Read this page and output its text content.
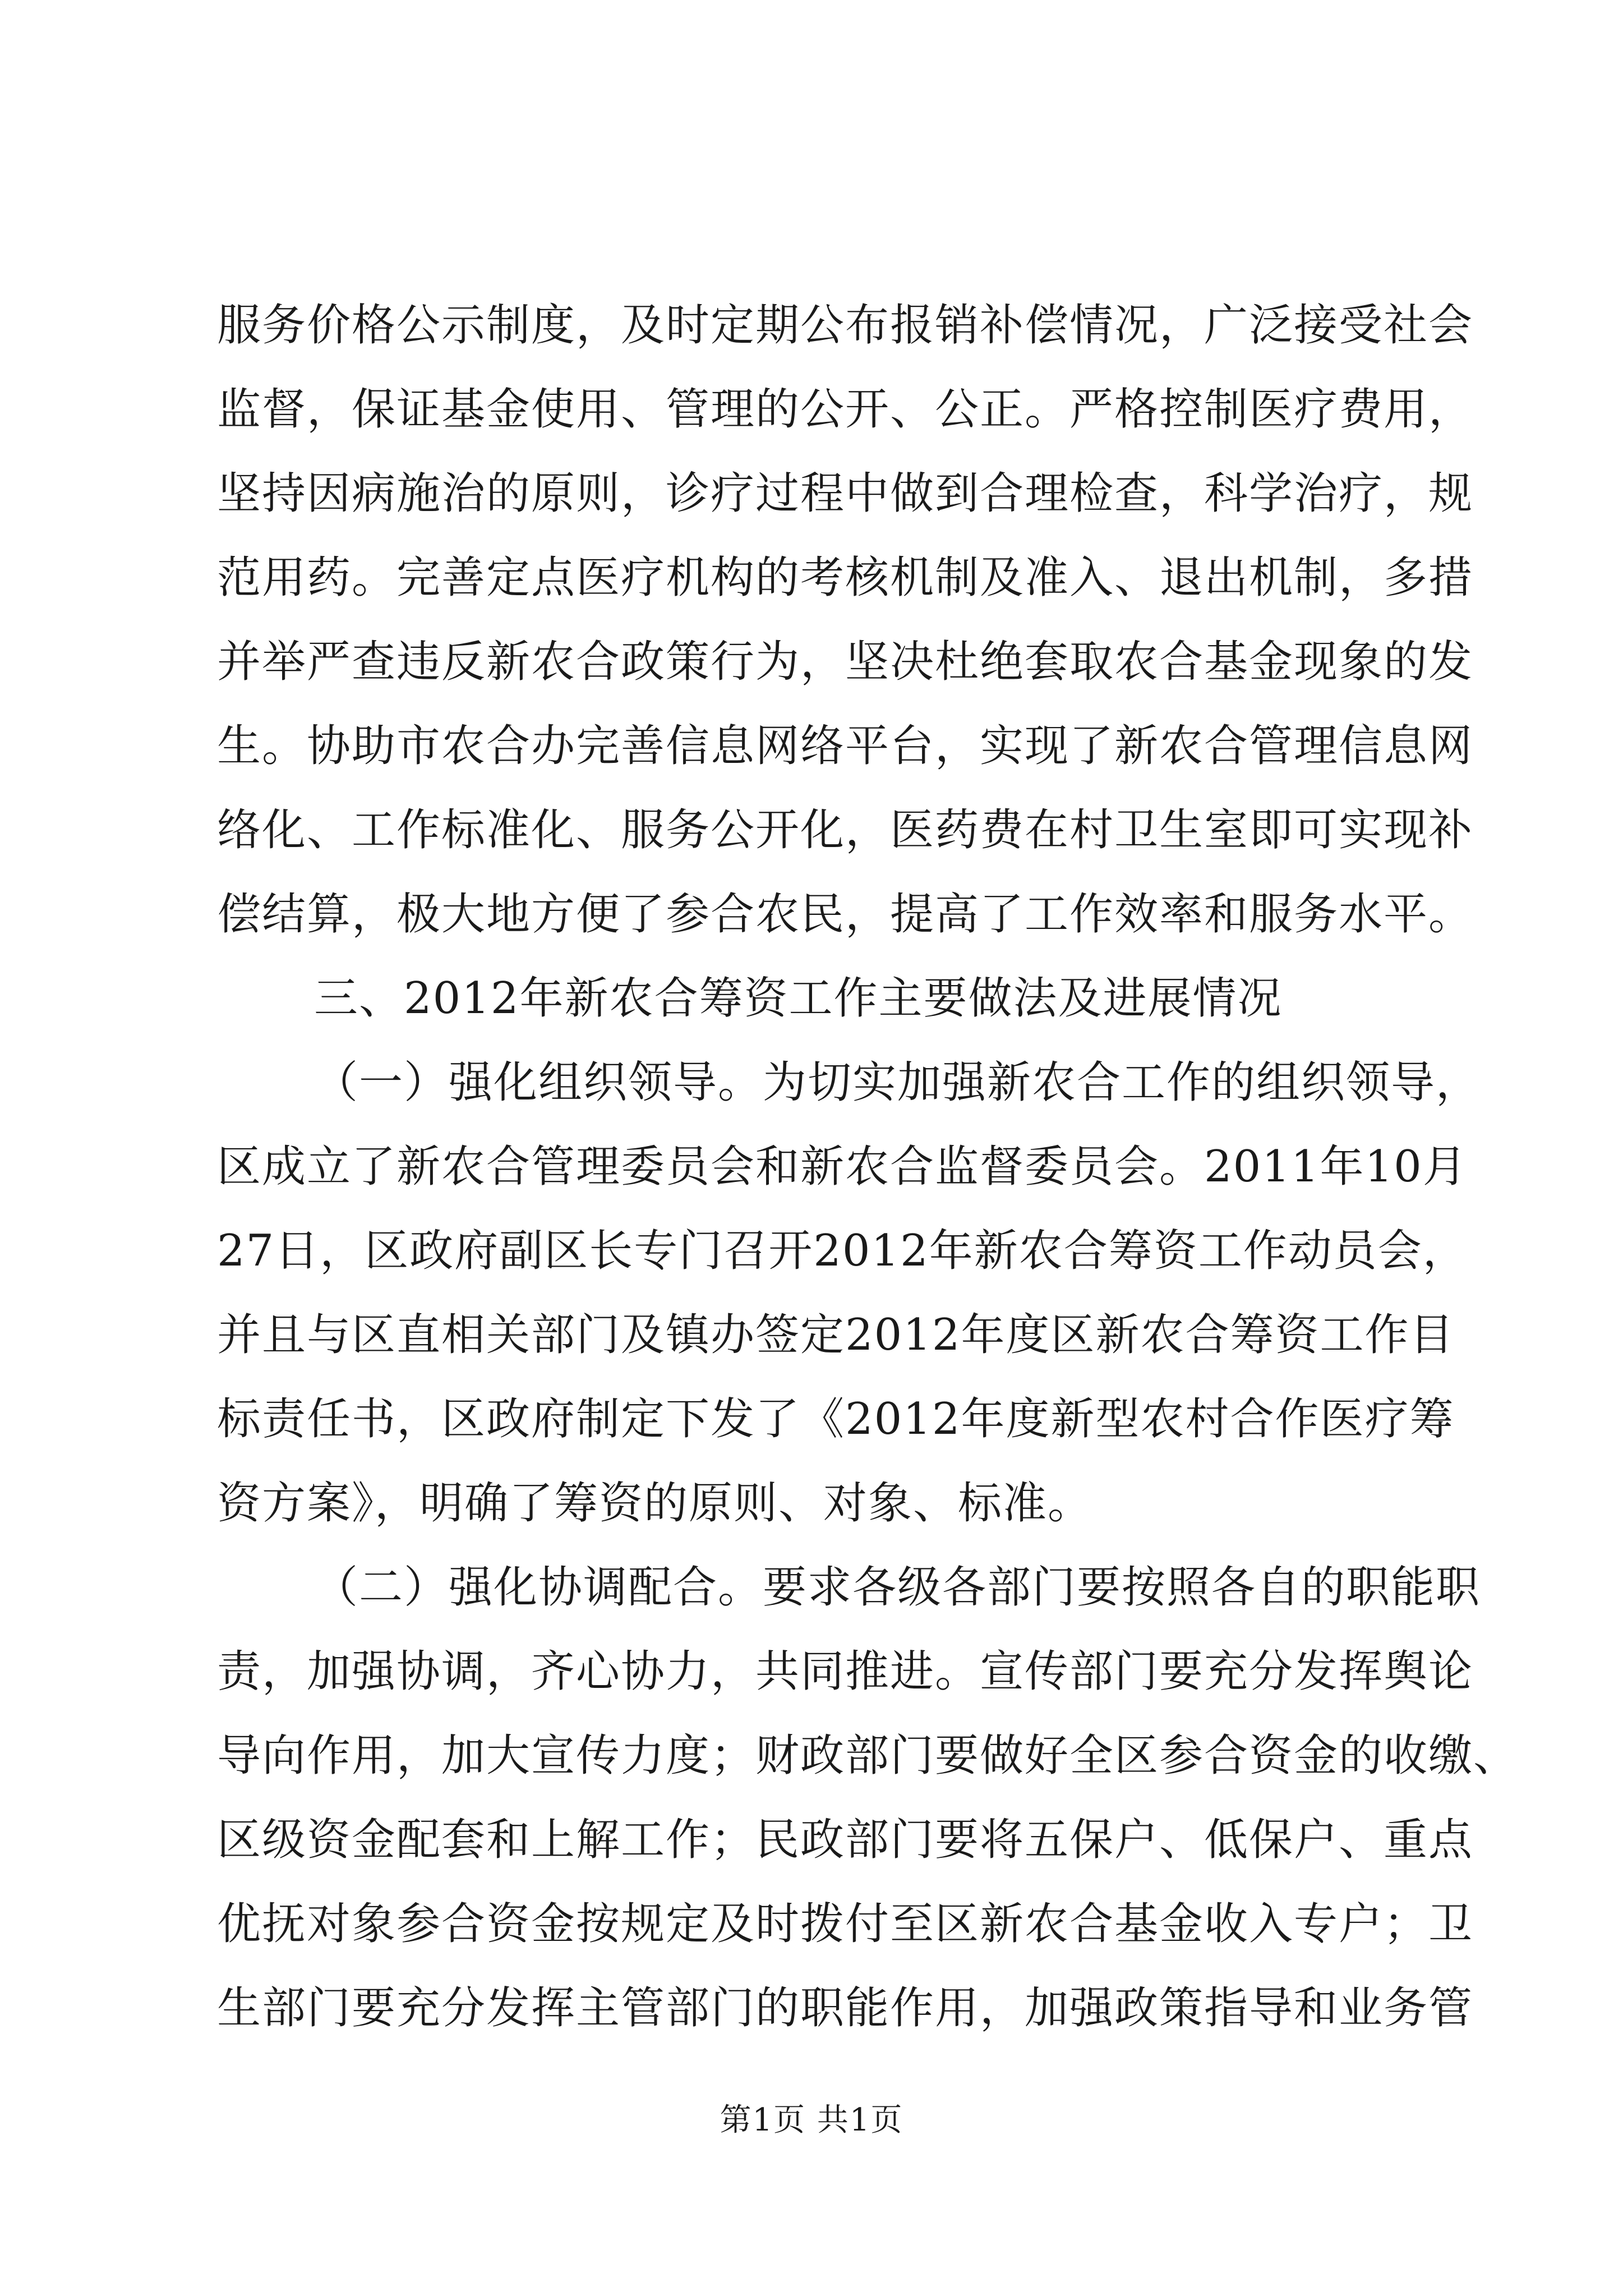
服务价格公示制度，及时定期公布报销补偿情况，广泛接受社会
监督，保证基金使用、管理的公开、公正。严格控制医疗费用，
坚持因病施治的原则，诊疗过程中做到合理检查，科学治疗，规
范用药。完善定点医疗机构的考核机制及准入、退出机制，多措
并举严查违反新农合政策行为，坚决杜绝套取农合基金现象的发
生。协助市农合办完善信息网络平台，实现了新农合管理信息网
络化、工作标准化、服务公开化，医药费在村卫生室即可实现补
偿结算，极大地方便了参合农民，提高了工作效率和服务水平。
三、2012年新农合筹资工作主要做法及进展情况
（一）强化组织领导。为切实加强新农合工作的组织领导，
区成立了新农合管理委员会和新农合监督委员会。2011年10月
27日，区政府副区长专门召开2012年新农合筹资工作动员会，
并且与区直相关部门及镇办签定2012年度区新农合筹资工作目
标责任书，区政府制定下发了《2012年度新型农村合作医疗筹
资方案》，明确了筹资的原则、对象、标准。
（二）强化协调配合。要求各级各部门要按照各自的职能职
责，加强协调，齐心协力，共同推进。宣传部门要充分发挥舆论
导向作用，加大宣传力度；财政部门要做好全区参合资金的收缴、
区级资金配套和上解工作；民政部门要将五保户、低保户、重点
优抚对象参合资金按规定及时拨付至区新农合基金收入专户；卫
生部门要充分发挥主管部门的职能作用，加强政策指导和业务管
第1页 共1页
